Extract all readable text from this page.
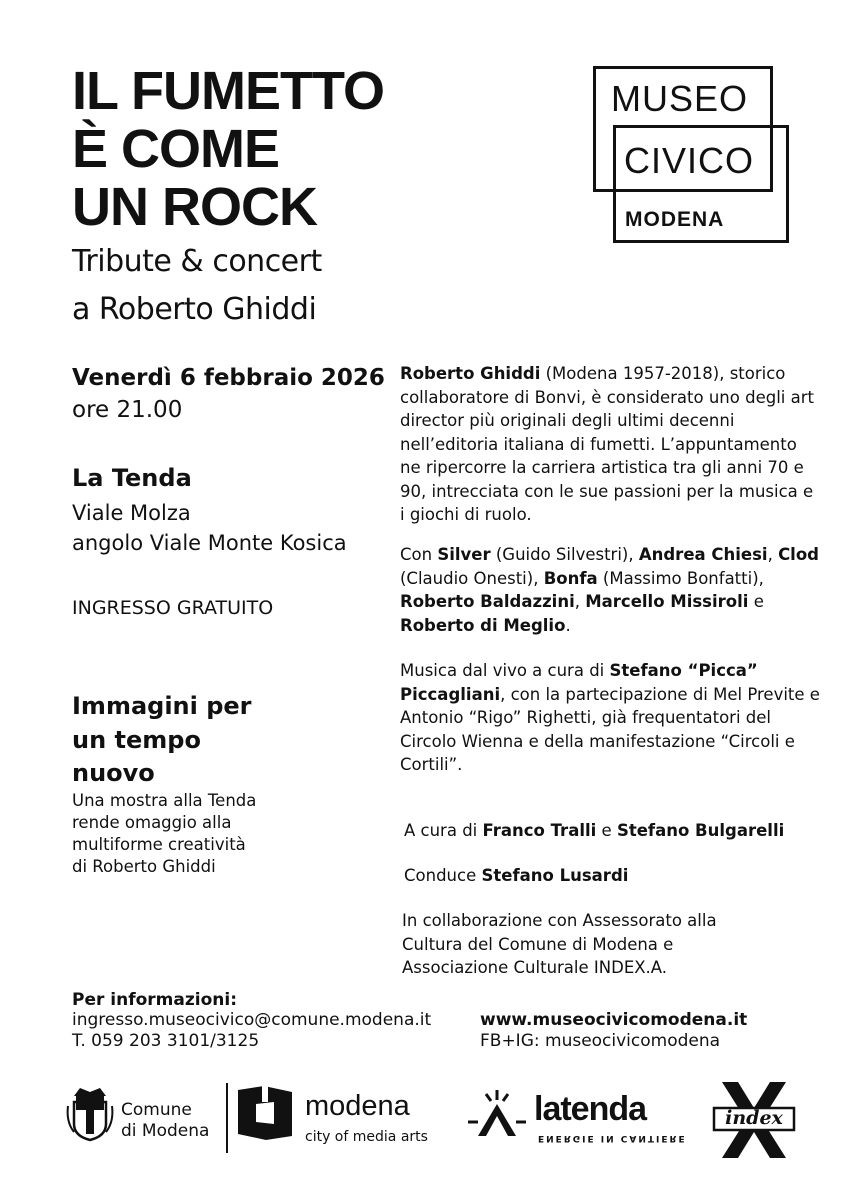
IL FUMETTO
È COME
UN ROCK
Tribute & concert
a Roberto Ghiddi
MUSEO
CIVICO
MODENA
Venerdì 6 febbraio 2026
ore 21.00
La Tenda
Viale Molza
angolo Viale Monte Kosica
INGRESSO GRATUITO
Immagini per
un tempo
nuovo
Una mostra alla Tenda
rende omaggio alla
multiforme creatività
di Roberto Ghiddi

Roberto Ghiddi (Modena 1957-2018), storico collaboratore di Bonvi, è considerato uno degli art director più originali degli ultimi decenni nell’editoria italiana di fumetti. L’appuntamento ne ripercorre la carriera artistica tra gli anni 70 e 90, intrecciata con le sue passioni per la musica e i giochi di ruolo.

Con Silver (Guido Silvestri), Andrea Chiesi, Clod (Claudio Onesti), Bonfa (Massimo Bonfatti), Roberto Baldazzini, Marcello Missiroli e Roberto di Meglio.

Musica dal vivo a cura di Stefano “Picca” Piccagliani, con la partecipazione di Mel Previte e Antonio “Rigo” Righetti, già frequentatori del Circolo Wienna e della manifestazione “Circoli e Cortili”.

A cura di Franco Tralli e Stefano Bulgarelli

Conduce Stefano Lusardi

In collaborazione con Assessorato alla Cultura del Comune di Modena e Associazione Culturale INDEX.A.

Per informazioni:
ingresso.museocivico@comune.modena.it
T. 059 203 3101/3125
www.museocivicomodena.it
FB+IG: museocivicomodena
Comune
di Modena
modena
city of media arts
latenda
ENERGIE IN CANTIERE
index
